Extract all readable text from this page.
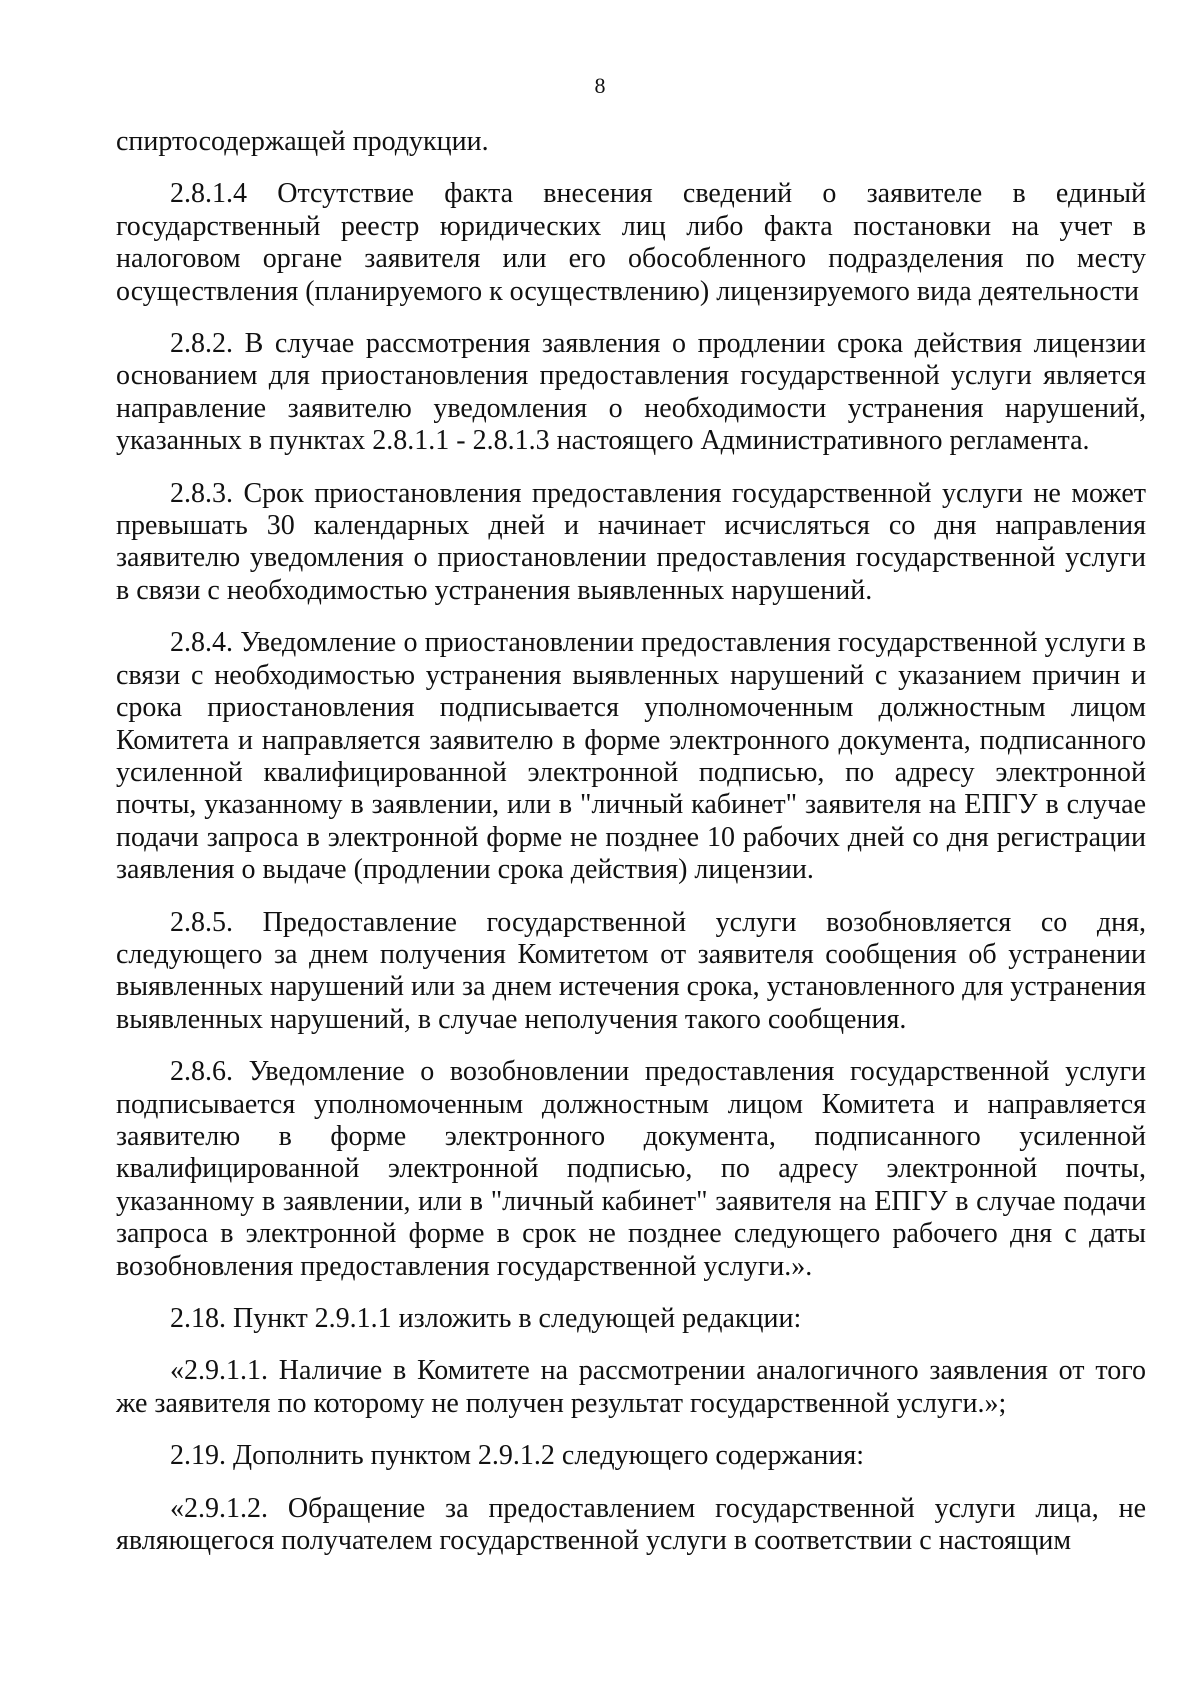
8

спиртосодержащей продукции.

2.8.1.4 Отсутствие факта внесения сведений о заявителе в единый государственный реестр юридических лиц либо факта постановки на учет в налоговом органе заявителя или его обособленного подразделения по месту осуществления (планируемого к осуществлению) лицензируемого вида деятельности

2.8.2. В случае рассмотрения заявления о продлении срока действия лицензии основанием для приостановления предоставления государственной услуги является направление заявителю уведомления о необходимости устранения нарушений, указанных в пунктах 2.8.1.1 - 2.8.1.3 настоящего Административного регламента.

2.8.3. Срок приостановления предоставления государственной услуги не может превышать 30 календарных дней и начинает исчисляться со дня направления заявителю уведомления о приостановлении предоставления государственной услуги в связи с необходимостью устранения выявленных нарушений.

2.8.4. Уведомление о приостановлении предоставления государственной услуги в связи с необходимостью устранения выявленных нарушений с указанием причин и срока приостановления подписывается уполномоченным должностным лицом Комитета и направляется заявителю в форме электронного документа, подписанного усиленной квалифицированной электронной подписью, по адресу электронной почты, указанному в заявлении, или в "личный кабинет" заявителя на ЕПГУ в случае подачи запроса в электронной форме не позднее 10 рабочих дней со дня регистрации заявления о выдаче (продлении срока действия) лицензии.

2.8.5. Предоставление государственной услуги возобновляется со дня, следующего за днем получения Комитетом от заявителя сообщения об устранении выявленных нарушений или за днем истечения срока, установленного для устранения выявленных нарушений, в случае неполучения такого сообщения.

2.8.6. Уведомление о возобновлении предоставления государственной услуги подписывается уполномоченным должностным лицом Комитета и направляется заявителю в форме электронного документа, подписанного усиленной квалифицированной электронной подписью, по адресу электронной почты, указанному в заявлении, или в "личный кабинет" заявителя на ЕПГУ в случае подачи запроса в электронной форме в срок не позднее следующего рабочего дня с даты возобновления предоставления государственной услуги.».

2.18. Пункт 2.9.1.1 изложить в следующей редакции:

«2.9.1.1. Наличие в Комитете на рассмотрении аналогичного заявления от того же заявителя по которому не получен результат государственной услуги.»;

2.19. Дополнить пунктом 2.9.1.2 следующего содержания:

«2.9.1.2. Обращение за предоставлением государственной услуги лица, не являющегося получателем государственной услуги в соответствии с настоящим
